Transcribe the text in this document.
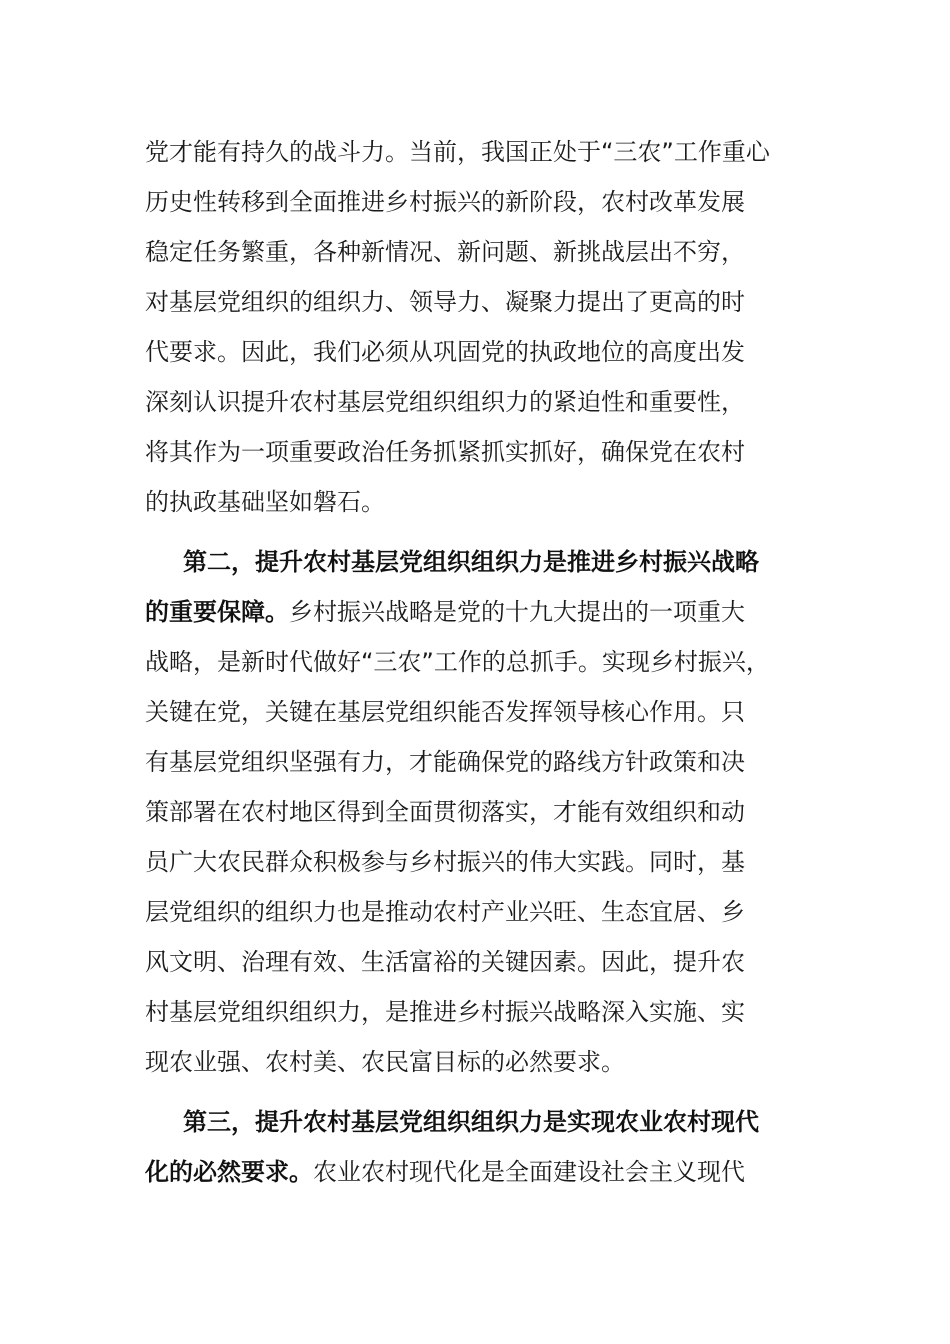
党才能有持久的战斗力。当前，我国正处于“三农”工作重心
历史性转移到全面推进乡村振兴的新阶段，农村改革发展
稳定任务繁重，各种新情况、新问题、新挑战层出不穷，
对基层党组织的组织力、领导力、凝聚力提出了更高的时
代要求。因此，我们必须从巩固党的执政地位的高度出发
深刻认识提升农村基层党组织组织力的紧迫性和重要性，
将其作为一项重要政治任务抓紧抓实抓好，确保党在农村
的执政基础坚如磐石。
第二，提升农村基层党组织组织力是推进乡村振兴战略
的重要保障。乡村振兴战略是党的十九大提出的一项重大
战略，是新时代做好“三农”工作的总抓手。实现乡村振兴，
关键在党，关键在基层党组织能否发挥领导核心作用。只
有基层党组织坚强有力，才能确保党的路线方针政策和决
策部署在农村地区得到全面贯彻落实，才能有效组织和动
员广大农民群众积极参与乡村振兴的伟大实践。同时，基
层党组织的组织力也是推动农村产业兴旺、生态宜居、乡
风文明、治理有效、生活富裕的关键因素。因此，提升农
村基层党组织组织力，是推进乡村振兴战略深入实施、实
现农业强、农村美、农民富目标的必然要求。
第三，提升农村基层党组织组织力是实现农业农村现代
化的必然要求。农业农村现代化是全面建设社会主义现代
